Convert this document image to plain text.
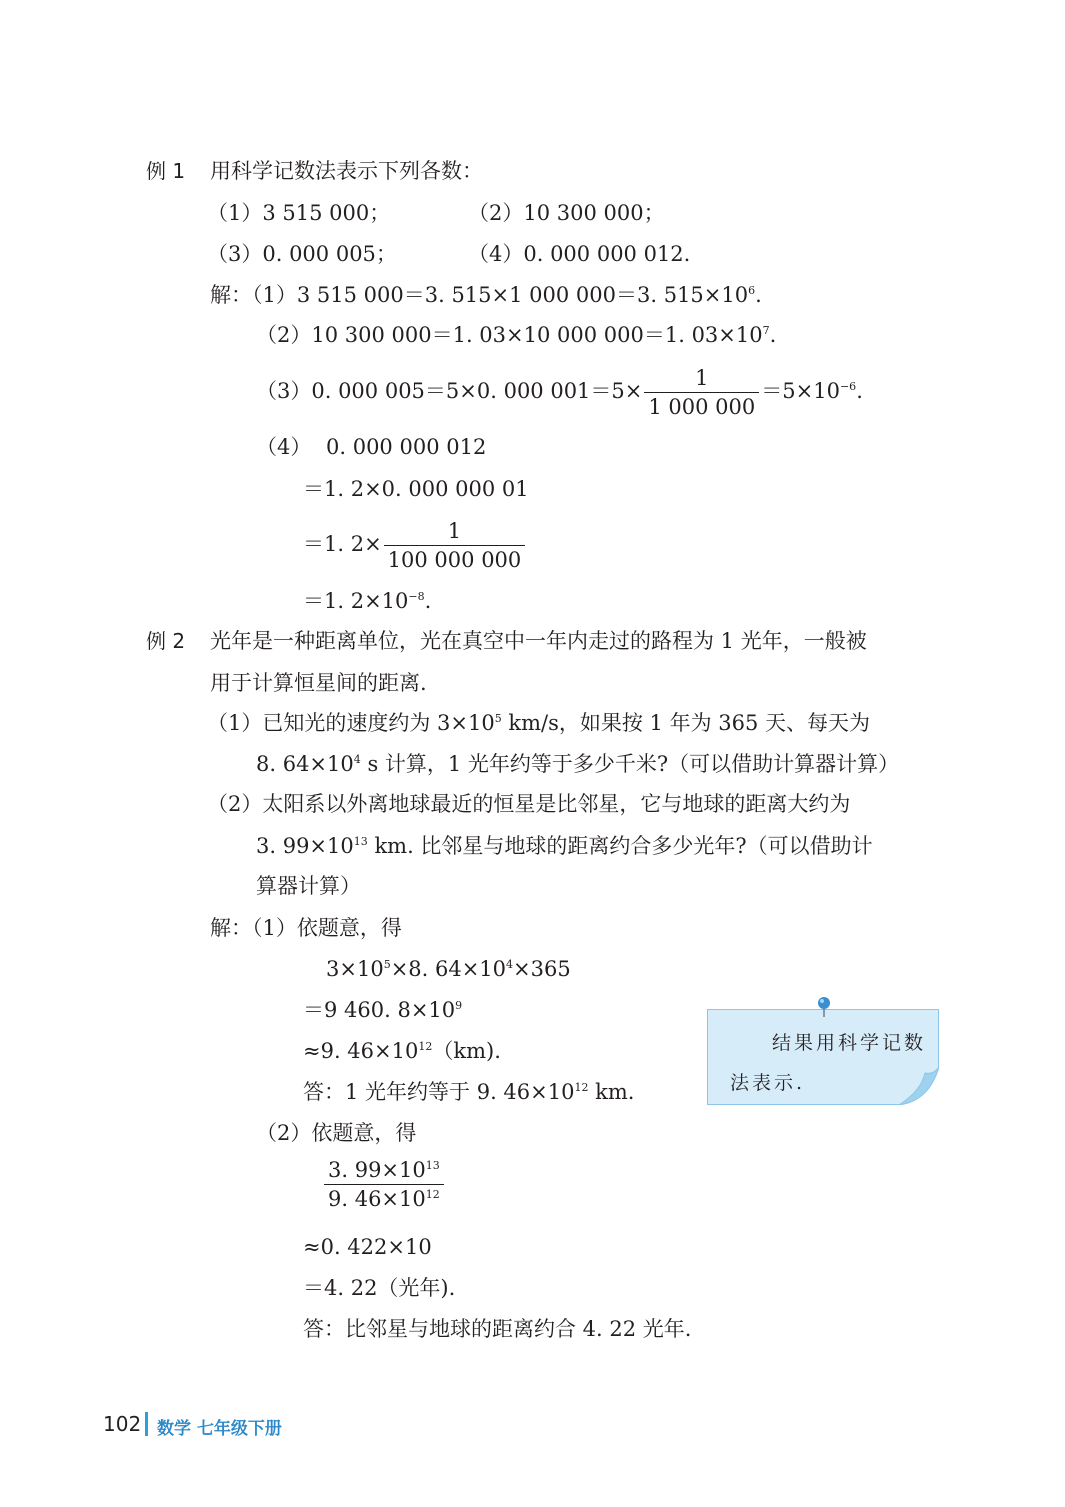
例 1 用科学记数法表示下列各数：
（1）3 515 000；	（2）10 300 000；
（3）0. 000 005；	（4）0. 000 000 012.
解：（1）3 515 000＝3. 515×1 000 000＝3. $515\times 10^6$.
（2）10 300 000＝1. 03×10 000 000＝1. $03\times 10^7$.
（3）0. 000 005＝5×0. 000 $001=5\times \frac{1}{1 000 000} =5\times 10^{-6}$.
（4） 0. 000 000 012
＝1. 2×0. 000 000 01
＝1. $2\times \frac{1}{100 000 000}$
＝1. $2\times 10^{-8}$.
例 2 光年是一种距离单位，光在真空中一年内走过的路程为 1 光年，一般被
用于计算恒星间的距离.
（1）已知光的速度约为 $3\times 10^5$ km/s，如果按 1 年为 365 天、每天为
8. $64\times 10^4$ s 计算，1 光年约等于多少千米?（可以借助计算器计算）
（2）太阳系以外离地球最近的恒星是比邻星，它与地球的距离大约为
3. $99\times 10^{13}$ km. 比邻星与地球的距离约合多少光年?（可以借助计
算器计算）
解：（1）依题意，得
$3\times 10^5\times 8$. $64\times 10^4\times 365$
＝9 460. $8\times 10^9$
≈9. $46\times 10^{12}(km)$.
答：1 光年约等于 9. $46\times 10^{12}$ km.
（2）依题意，得
$\frac{3. 99\times 10^{13}}{9. 46\times 10^{12}}$
≈0. 422×10
＝4. 22（光年).
答：比邻星与地球的距离约合 4. 22 光年.
结果用科学记数
法表示.
102 数学 七年级下册
